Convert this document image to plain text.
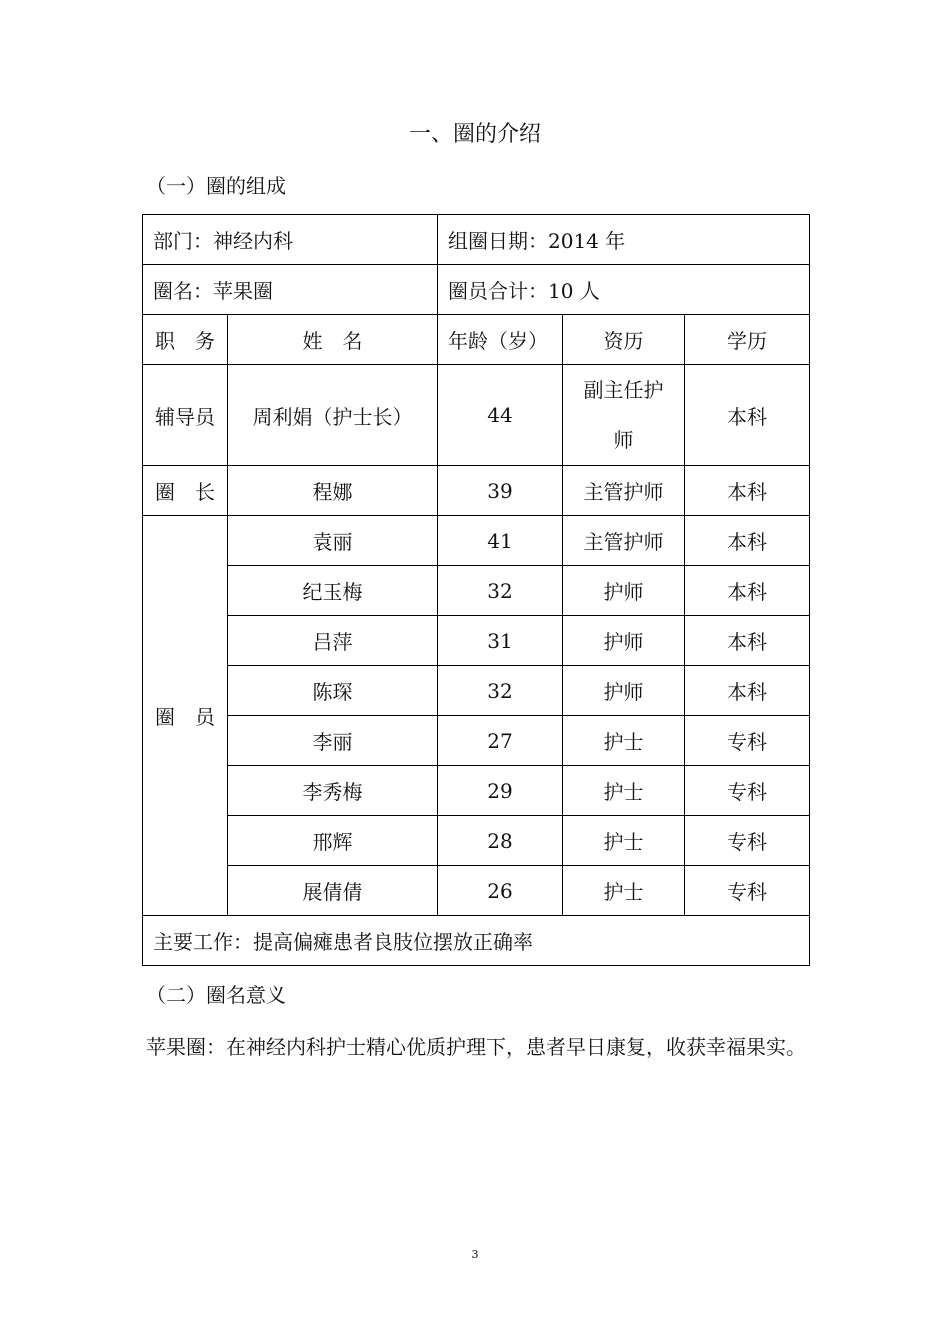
一、圈的介绍
（一）圈的组成
部门：神经内科		组圈日期：2014 年		
圈名：苹果圈		圈员合计：10 人		
职　务	姓　名	年龄（岁）	资历	学历
辅导员	周利娟（护士长）	44	副主任护师	本科
圈　长	程娜	39	主管护师	本科
圈　员	袁丽	41	主管护师	本科
	纪玉梅	32	护师	本科
	吕萍	31	护师	本科
	陈琛	32	护师	本科
	李丽	27	护士	专科
	李秀梅	29	护士	专科
	邢辉	28	护士	专科
	展倩倩	26	护士	专科
主要工作：提高偏瘫患者良肢位摆放正确率				
（二）圈名意义
苹果圈：在神经内科护士精心优质护理下，患者早日康复，收获幸福果实。
3
